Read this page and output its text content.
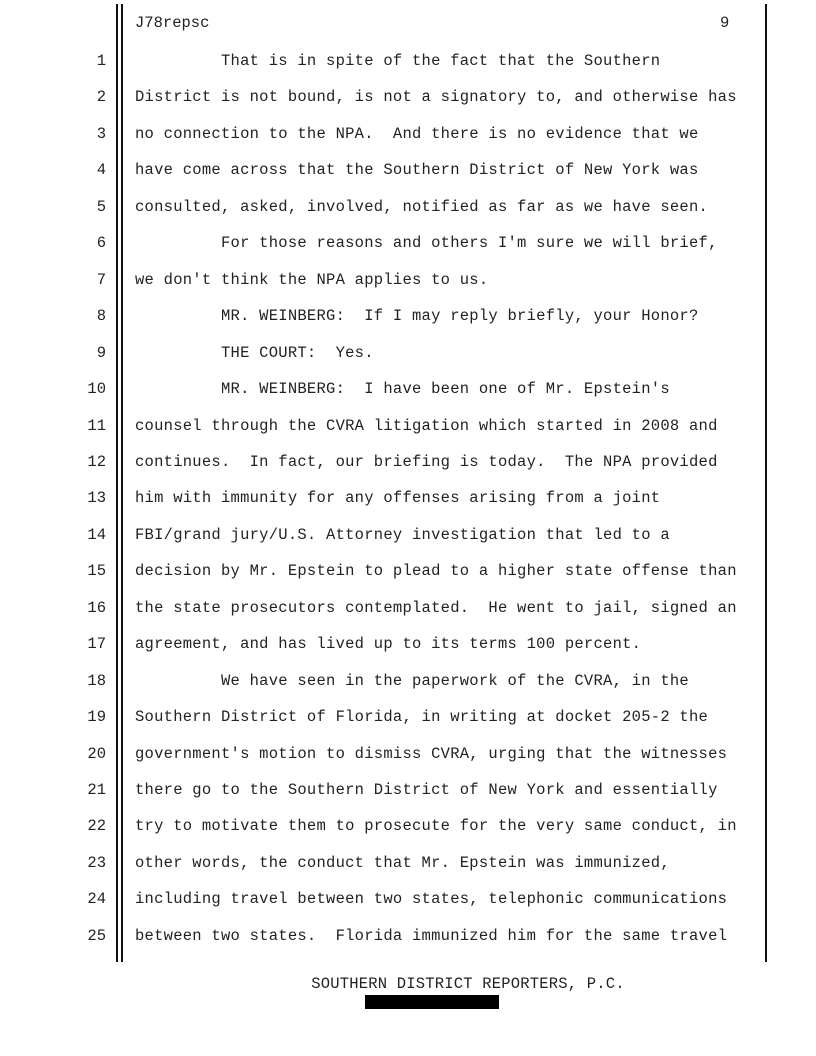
J78repsc	9
1 That is in spite of the fact that the Southern
2 District is not bound, is not a signatory to, and otherwise has
3 no connection to the NPA.  And there is no evidence that we
4 have come across that the Southern District of New York was
5 consulted, asked, involved, notified as far as we have seen.
6 For those reasons and others I'm sure we will brief,
7 we don't think the NPA applies to us.
8 MR. WEINBERG:  If I may reply briefly, your Honor?
9 THE COURT:  Yes.
10 MR. WEINBERG:  I have been one of Mr. Epstein's
11 counsel through the CVRA litigation which started in 2008 and
12 continues.  In fact, our briefing is today.  The NPA provided
13 him with immunity for any offenses arising from a joint
14 FBI/grand jury/U.S. Attorney investigation that led to a
15 decision by Mr. Epstein to plead to a higher state offense than
16 the state prosecutors contemplated.  He went to jail, signed an
17 agreement, and has lived up to its terms 100 percent.
18 We have seen in the paperwork of the CVRA, in the
19 Southern District of Florida, in writing at docket 205-2 the
20 government's motion to dismiss CVRA, urging that the witnesses
21 there go to the Southern District of New York and essentially
22 try to motivate them to prosecute for the very same conduct, in
23 other words, the conduct that Mr. Epstein was immunized,
24 including travel between two states, telephonic communications
25 between two states.  Florida immunized him for the same travel
SOUTHERN DISTRICT REPORTERS, P.C.
